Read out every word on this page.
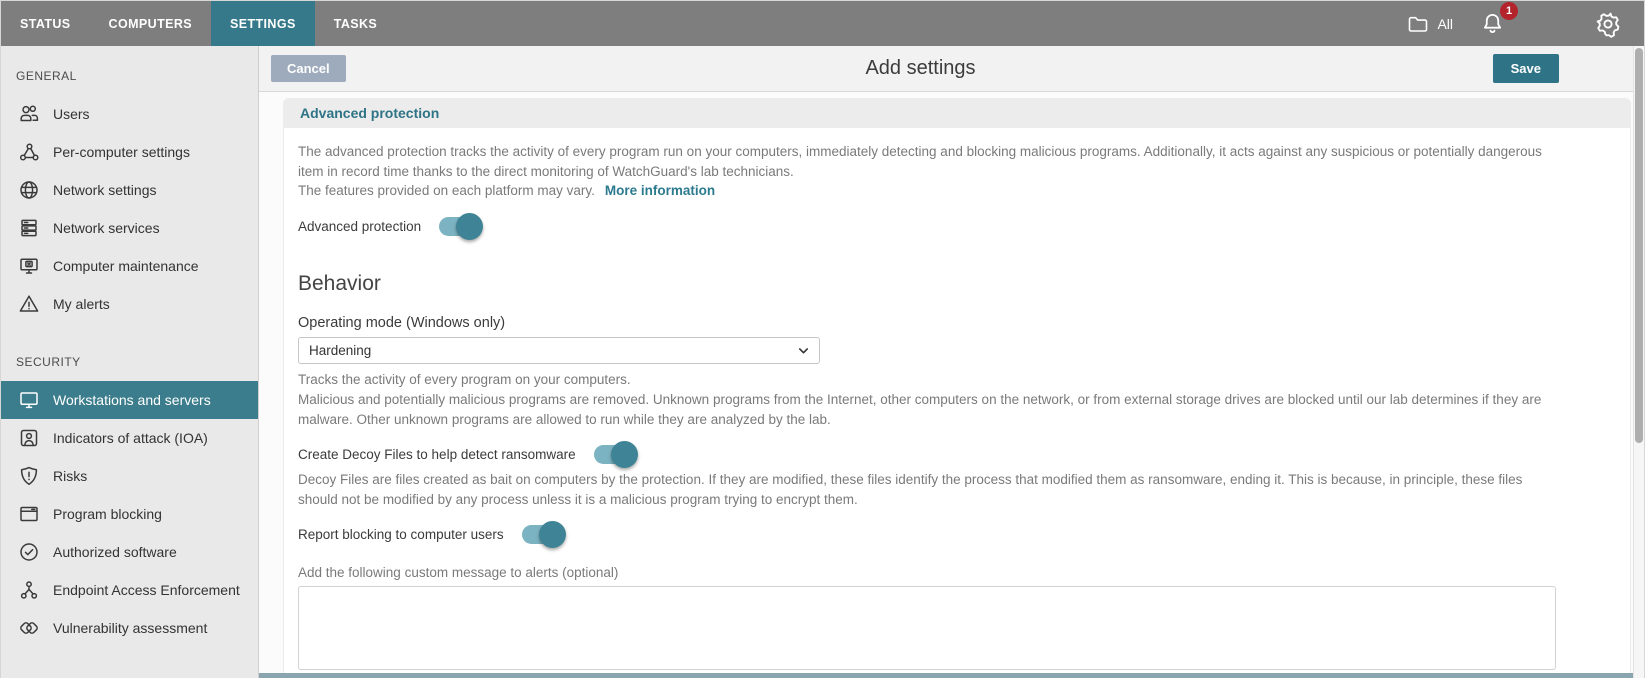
STATUS	COMPUTERS	SETTINGS	TASKS	All
1
GENERAL
Users
Per-computer settings
Network settings
Network services
Computer maintenance
My alerts
SECURITY
Workstations and servers
Indicators of attack (IOA)
Risks
Program blocking
Authorized software
Endpoint Access Enforcement
Vulnerability assessment
Cancel	Add settings	Save
Advanced protection

The advanced protection tracks the activity of every program run on your computers, immediately detecting and blocking malicious programs. Additionally, it acts against any suspicious or potentially dangerous item in record time thanks to the direct monitoring of WatchGuard's lab technicians.

The features provided on each platform may vary. More information
Advanced protection
Behavior
Operating mode (Windows only)
Hardening
Tracks the activity of every program on your computers.
Malicious and potentially malicious programs are removed. Unknown programs from the Internet, other computers on the network, or from external storage drives are blocked until our lab determines if they are malware. Other unknown programs are allowed to run while they are analyzed by the lab.
Create Decoy Files to help detect ransomware
Decoy Files are files created as bait on computers by the protection. If they are modified, these files identify the process that modified them as ransomware, ending it. This is because, in principle, these files should not be modified by any process unless it is a malicious program trying to encrypt them.
Report blocking to computer users
Add the following custom message to alerts (optional)
